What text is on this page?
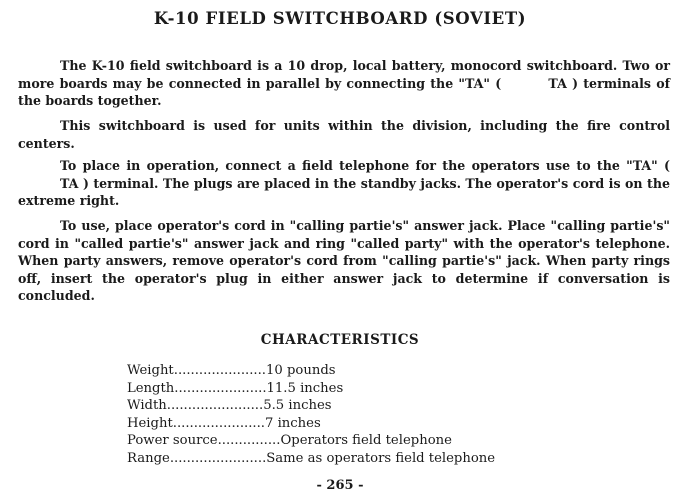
K-10 FIELD SWITCHBOARD (SOVIET)
The K-10 field switchboard is a 10 drop, local battery, monocord switchboard. Two or more boards may be connected in parallel by connecting the "TA" (	TA ) terminals of the boards together.
This switchboard is used for units within the division, including the fire control centers.
To place in operation, connect a field telephone for the operators use to the "TA" ( TA ) terminal. The plugs are placed in the standby jacks. The operator's cord is on the extreme right.
To use, place operator's cord in "calling partie's" answer jack. Place "calling partie's" cord in "called partie's" answer jack and ring "called party" with the operator's telephone. When party answers, remove operator's cord from "calling partie's" jack. When party rings off, insert the operator's plug in either answer jack to determine if conversation is concluded.
CHARACTERISTICS
Weight ...................... 10 pounds
Length ...................... 11.5 inches
Width ....................... 5.5 inches
Height ...................... 7 inches
Power source ............... Operators field telephone
Range ....................... Same as operators field telephone
- 265 -
